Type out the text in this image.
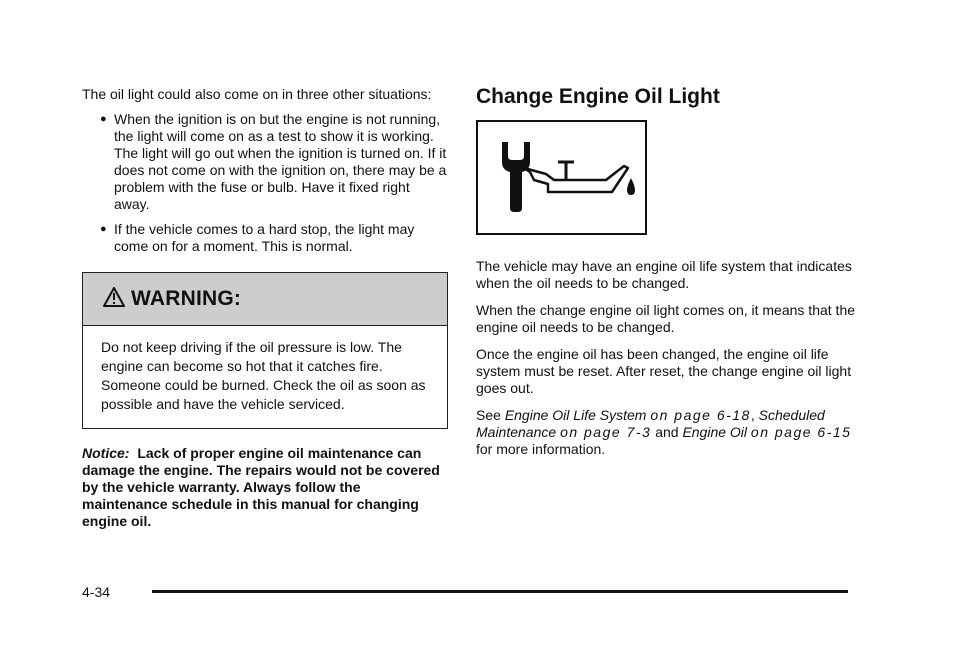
The oil light could also come on in three other situations:

● When the ignition is on but the engine is not running, the light will come on as a test to show it is working. The light will go out when the ignition is turned on. If it does not come on with the ignition on, there may be a problem with the fuse or bulb. Have it fixed right away.
● If the vehicle comes to a hard stop, the light may come on for a moment. This is normal.
WARNING:
Do not keep driving if the oil pressure is low. The engine can become so hot that it catches fire. Someone could be burned. Check the oil as soon as possible and have the vehicle serviced.

Notice: Lack of proper engine oil maintenance can damage the engine. The repairs would not be covered by the vehicle warranty. Always follow the maintenance schedule in this manual for changing engine oil.

Change Engine Oil Light

The vehicle may have an engine oil life system that indicates when the oil needs to be changed.

When the change engine oil light comes on, it means that the engine oil needs to be changed.

Once the engine oil has been changed, the engine oil life system must be reset. After reset, the change engine oil light goes out.

See Engine Oil Life System on page 6-18, Scheduled Maintenance on page 7-3 and Engine Oil on page 6-15 for more information.

4-34
